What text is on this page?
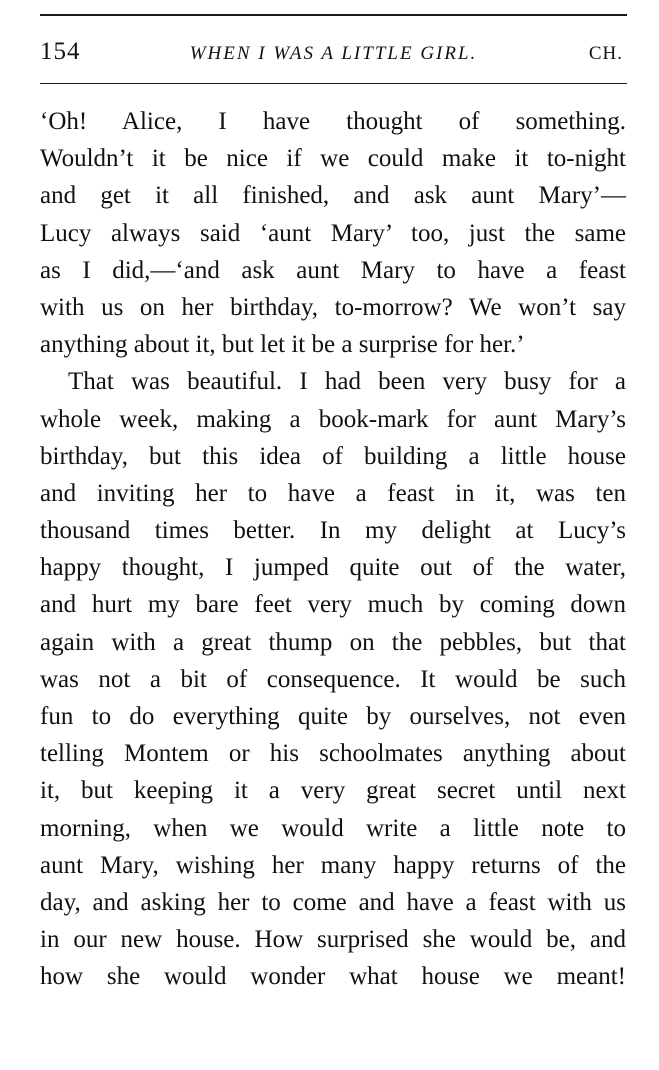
154	WHEN I WAS A LITTLE GIRL.	CH.
‘Oh! Alice, I have thought of something.
Wouldn’t it be nice if we could make it to-night
and get it all finished, and ask aunt Mary’—
Lucy always said ‘aunt Mary’ too, just the same
as I did,—‘and ask aunt Mary to have a feast
with us on her birthday, to-morrow? We won’t say
anything about it, but let it be a surprise for her.’
That was beautiful. I had been very busy for a
whole week, making a book-mark for aunt Mary’s
birthday, but this idea of building a little house
and inviting her to have a feast in it, was ten
thousand times better. In my delight at Lucy’s
happy thought, I jumped quite out of the water,
and hurt my bare feet very much by coming down
again with a great thump on the pebbles, but that
was not a bit of consequence. It would be such
fun to do everything quite by ourselves, not even
telling Montem or his schoolmates anything about
it, but keeping it a very great secret until next
morning, when we would write a little note to
aunt Mary, wishing her many happy returns of the
day, and asking her to come and have a feast with us
in our new house. How surprised she would be, and
how she would wonder what house we meant!
